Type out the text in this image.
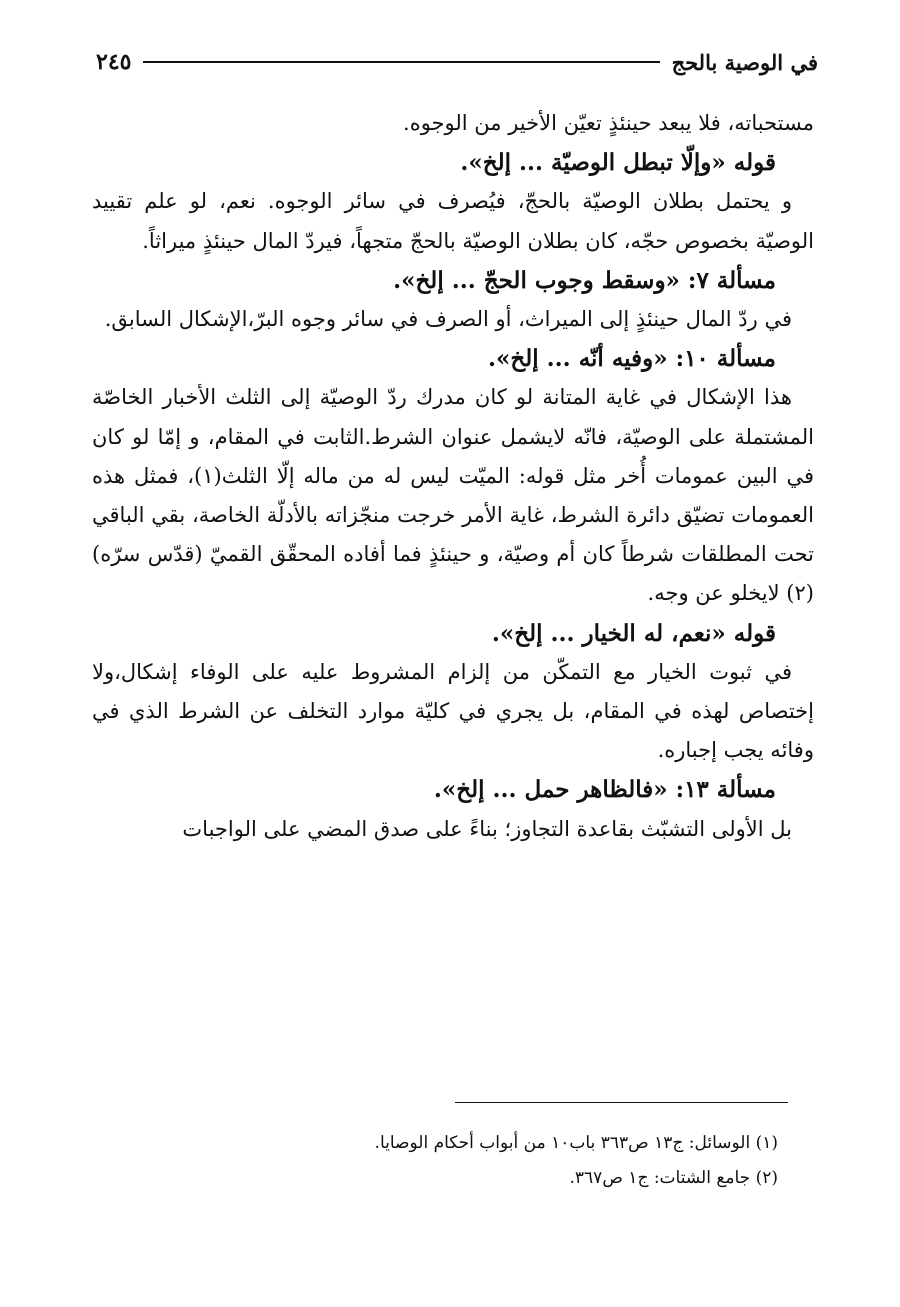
في الوصية بالحج
٢٤٥

مستحباته، فلا يبعد حينئذٍ تعيّن الأخير من الوجوه.

قوله «وإلّا تبطل الوصيّة ... إلخ».

و يحتمل بطلان الوصيّة بالحجّ، فيُصرف في سائر الوجوه. نعم، لو علم تقييد الوصيّة بخصوص حجّه، كان بطلان الوصيّة بالحجّ متجهاً، فيردّ المال حينئذٍ ميراثاً.

مسألة ٧: «وسقط وجوب الحجّ ... إلخ».

في ردّ المال حينئذٍ إلى الميراث، أو الصرف في سائر وجوه البرّ،الإشكال السابق.

مسألة ١٠: «وفيه أنّه ... إلخ».

هذا الإشكال في غاية المتانة لو كان مدرك ردّ الوصيّة إلى الثلث الأخبار الخاصّة المشتملة على الوصيّة، فانّه لايشمل عنوان الشرط.الثابت في المقام، و إمّا لو كان في البين عمومات أُخر مثل قوله: الميّت ليس له من ماله إلّا الثلث(١)، فمثل هذه العمومات تضيّق دائرة الشرط، غاية الأمر خرجت منجّزاته بالأدلّة الخاصة، بقي الباقي تحت المطلقات شرطاً كان أم وصيّة، و حينئذٍ فما أفاده المحقّق القميّ (قدّس سرّه)(٢) لايخلو عن وجه.

قوله «نعم، له الخيار ... إلخ».

في ثبوت الخيار مع التمكّن من إلزام المشروط عليه على الوفاء إشكال،ولا إختصاص لهذه في المقام، بل يجري في كليّة موارد التخلف عن الشرط الذي في وفائه يجب إجباره.

مسألة ١٣: «فالظاهر حمل ... إلخ».

بل الأولى التشبّث بقاعدة التجاوز؛ بناءً على صدق المضي على الواجبات

(١) الوسائل: ج١٣ ص٣٦٣ باب١٠ من أبواب أحكام الوصايا.

(٢) جامع الشتات: ج١ ص٣٦٧.
